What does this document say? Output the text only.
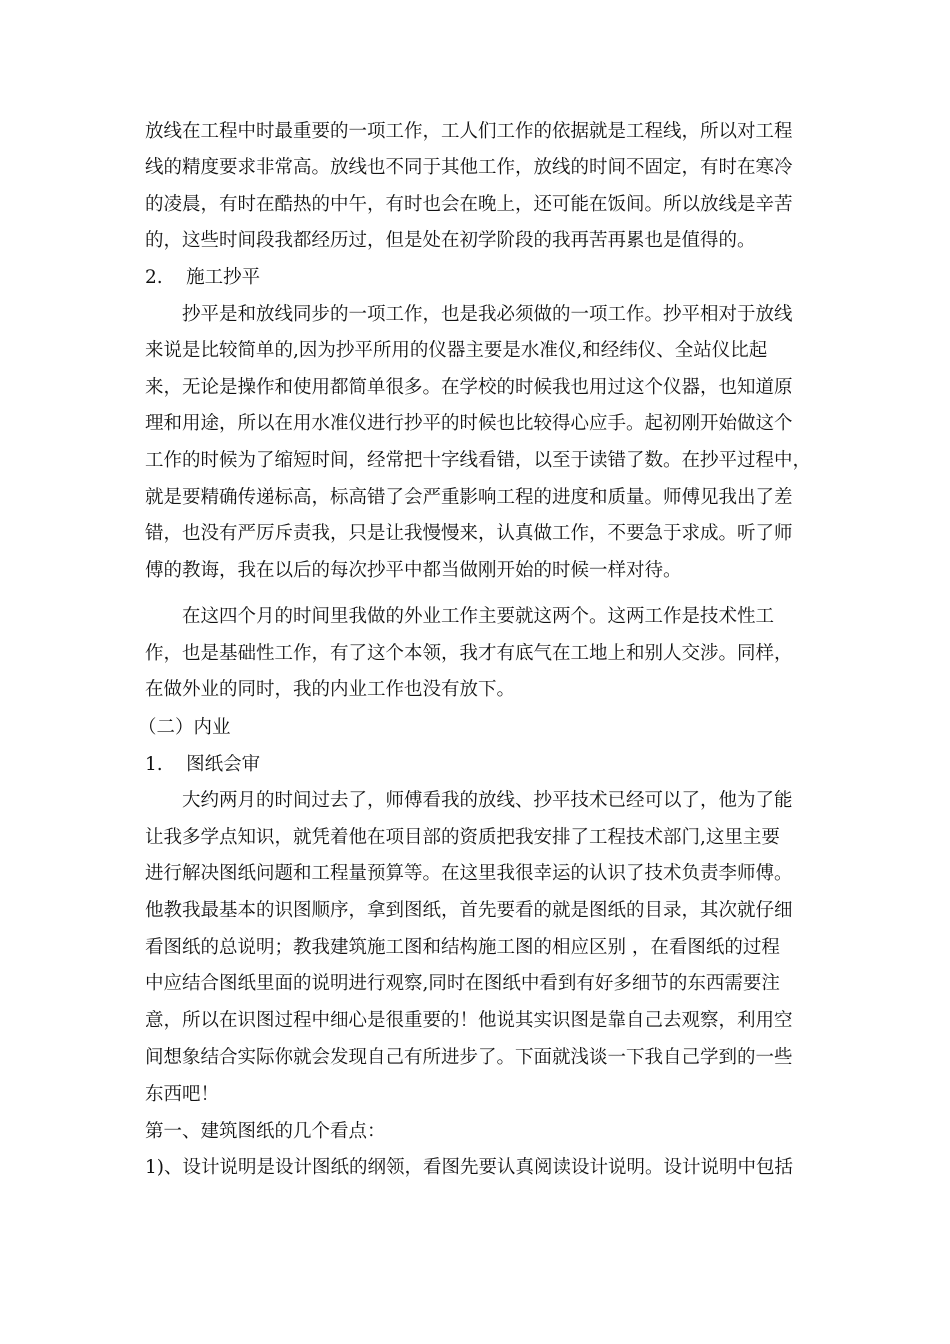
放线在工程中时最重要的一项工作，工人们工作的依据就是工程线，所以对工程
线的精度要求非常高。放线也不同于其他工作，放线的时间不固定，有时在寒冷
的凌晨，有时在酷热的中午，有时也会在晚上，还可能在饭间。所以放线是辛苦
的，这些时间段我都经历过，但是处在初学阶段的我再苦再累也是值得的。
2.    施工抄平
抄平是和放线同步的一项工作，也是我必须做的一项工作。抄平相对于放线
来说是比较简单的,因为抄平所用的仪器主要是水准仪,和经纬仪、全站仪比起
来，无论是操作和使用都简单很多。在学校的时候我也用过这个仪器，也知道原
理和用途，所以在用水准仪进行抄平的时候也比较得心应手。起初刚开始做这个
工作的时候为了缩短时间，经常把十字线看错，以至于读错了数。在抄平过程中，
就是要精确传递标高，标高错了会严重影响工程的进度和质量。师傅见我出了差
错，也没有严厉斥责我，只是让我慢慢来，认真做工作，不要急于求成。听了师
傅的教诲，我在以后的每次抄平中都当做刚开始的时候一样对待。
在这四个月的时间里我做的外业工作主要就这两个。这两工作是技术性工
作，也是基础性工作，有了这个本领，我才有底气在工地上和别人交涉。同样，
在做外业的同时，我的内业工作也没有放下。
（二）内业
1.    图纸会审
大约两月的时间过去了，师傅看我的放线、抄平技术已经可以了，他为了能
让我多学点知识，就凭着他在项目部的资质把我安排了工程技术部门,这里主要
进行解决图纸问题和工程量预算等。在这里我很幸运的认识了技术负责李师傅。
他教我最基本的识图顺序，拿到图纸，首先要看的就是图纸的目录，其次就仔细
看图纸的总说明；教我建筑施工图和结构施工图的相应区别 ，在看图纸的过程
中应结合图纸里面的说明进行观察,同时在图纸中看到有好多细节的东西需要注
意，所以在识图过程中细心是很重要的！他说其实识图是靠自己去观察，利用空
间想象结合实际你就会发现自己有所进步了。下面就浅谈一下我自己学到的一些
东西吧！
第一、建筑图纸的几个看点：
1)、设计说明是设计图纸的纲领，看图先要认真阅读设计说明。设计说明中包括
